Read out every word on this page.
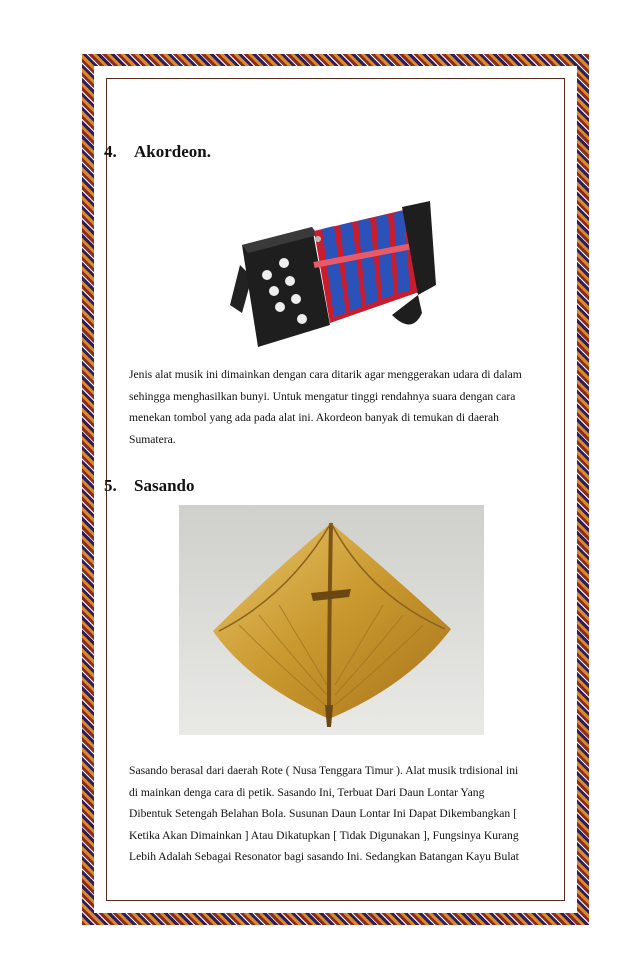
4. Akordeon.

Jenis alat musik ini dimainkan dengan cara ditarik agar menggerakan udara di dalam

sehingga menghasilkan bunyi. Untuk mengatur tinggi rendahnya suara dengan cara

menekan tombol yang ada pada alat ini. Akordeon banyak di temukan di daerah

Sumatera.

5. Sasando

Sasando berasal dari daerah Rote ( Nusa Tenggara Timur ). Alat musik trdisional ini

di mainkan denga cara di petik. Sasando Ini, Terbuat Dari Daun Lontar Yang

Dibentuk Setengah Belahan Bola. Susunan Daun Lontar Ini Dapat Dikembangkan [

Ketika Akan Dimainkan ] Atau Dikatupkan [ Tidak Digunakan ], Fungsinya Kurang

Lebih Adalah Sebagai Resonator bagi sasando Ini. Sedangkan Batangan Kayu Bulat
